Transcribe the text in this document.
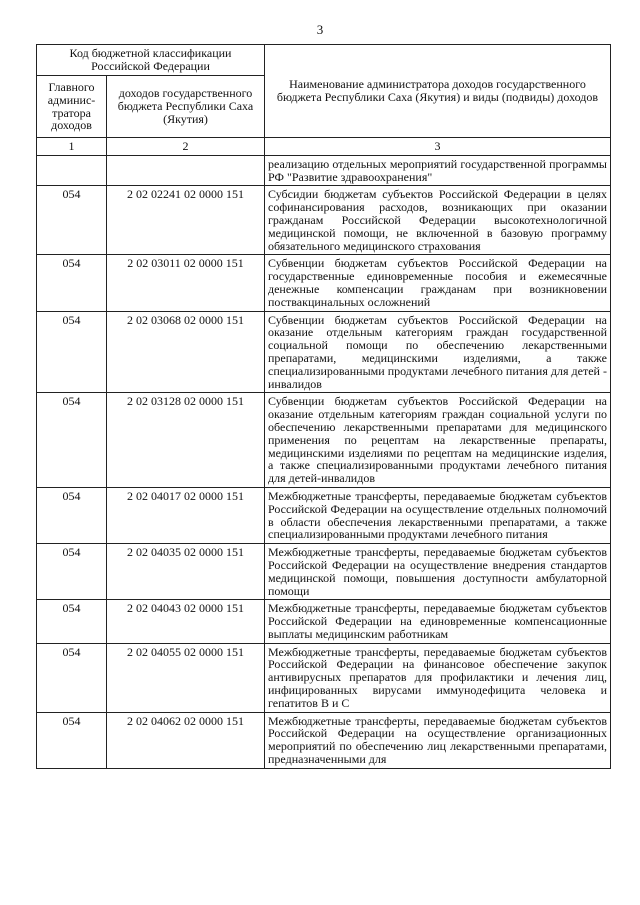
3
Код бюджетной классификации Российской Федерации		Наименование администратора доходов государственного бюджета Республики Саха (Якутия) и виды (подвиды) доходов
Главного админис- тратора доходов	доходов государственного бюджета Республики Саха (Якутия)	
1	2	3

		реализацию отдельных мероприятий государственной программы РФ "Развитие здравоохранения"

054	2 02 02241 02 0000 151	Субсидии бюджетам субъектов Российской Федерации в целях софинансирования расходов, возникающих при оказании гражданам Российской Федерации высокотехнологичной медицинской помощи, не включенной в базовую программу обязательного медицинского страхования

054	2 02 03011 02 0000 151	Субвенции бюджетам субъектов Российской Федерации на государственные единовременные пособия и ежемесячные денежные компенсации гражданам при возникновении поствакцинальных осложнений

054	2 02 03068 02 0000 151	Субвенции бюджетам субъектов Российской Федерации на оказание отдельным категориям граждан государственной социальной помощи по обеспечению лекарственными препаратами, медицинскими изделиями, а также специализированными продуктами лечебного питания для детей - инвалидов

054	2 02 03128 02 0000 151	Субвенции бюджетам субъектов Российской Федерации на оказание отдельным категориям граждан социальной услуги по обеспечению лекарственными препаратами для медицинского применения по рецептам на лекарственные препараты, медицинскими изделиями по рецептам на медицинские изделия, а также специализированными продуктами лечебного питания для детей-инвалидов

054	2 02 04017 02 0000 151	Межбюджетные трансферты, передаваемые бюджетам субъектов Российской Федерации на осуществление отдельных полномочий в области обеспечения лекарственными препаратами, а также специализированными продуктами лечебного питания

054	2 02 04035 02 0000 151	Межбюджетные трансферты, передаваемые бюджетам субъектов Российской Федерации на осуществление внедрения стандартов медицинской помощи, повышения доступности амбулаторной помощи

054	2 02 04043 02 0000 151	Межбюджетные трансферты, передаваемые бюджетам субъектов Российской Федерации на единовременные компенсационные выплаты медицинским работникам

054	2 02 04055 02 0000 151	Межбюджетные трансферты, передаваемые бюджетам субъектов Российской Федерации на финансовое обеспечение закупок антивирусных препаратов для профилактики и лечения лиц, инфицированных вирусами иммунодефицита человека и гепатитов В и С

054	2 02 04062 02 0000 151	Межбюджетные трансферты, передаваемые бюджетам субъектов Российской Федерации на осуществление организационных мероприятий по обеспечению лиц лекарственными препаратами, предназначенными для
